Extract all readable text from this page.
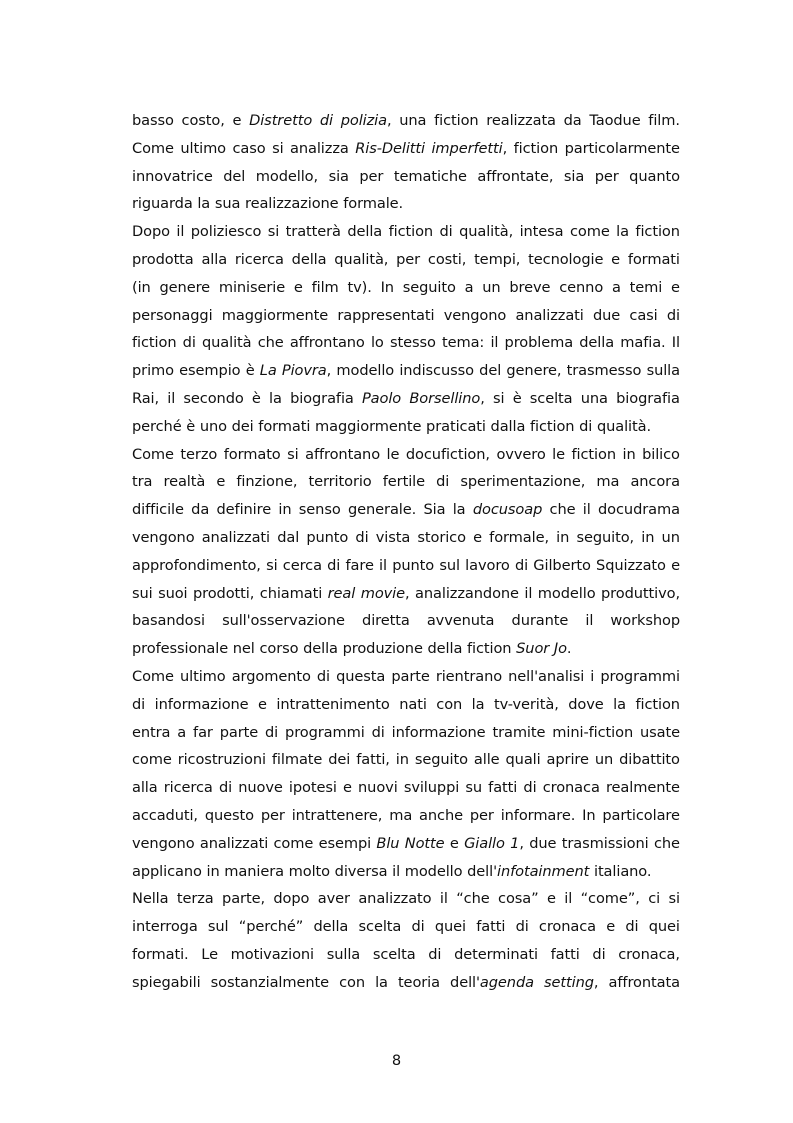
basso costo, e Distretto di polizia, una fiction realizzata da Taodue film.
Come ultimo caso si analizza Ris-Delitti imperfetti, fiction particolarmente
innovatrice del modello, sia per tematiche affrontate, sia per quanto
riguarda la sua realizzazione formale.
Dopo il poliziesco si tratterà della fiction di qualità, intesa come la fiction
prodotta alla ricerca della qualità, per costi, tempi, tecnologie e formati
(in genere miniserie e film tv). In seguito a un breve cenno a temi e
personaggi maggiormente rappresentati vengono analizzati due casi di
fiction di qualità che affrontano lo stesso tema: il problema della mafia. Il
primo esempio è La Piovra, modello indiscusso del genere, trasmesso sulla
Rai, il secondo è la biografia Paolo Borsellino, si è scelta una biografia
perché è uno dei formati maggiormente praticati dalla fiction di qualità.
Come terzo formato si affrontano le docufiction, ovvero le fiction in bilico
tra realtà e finzione, territorio fertile di sperimentazione, ma ancora
difficile da definire in senso generale. Sia la docusoap che il docudrama
vengono analizzati dal punto di vista storico e formale, in seguito, in un
approfondimento, si cerca di fare il punto sul lavoro di Gilberto Squizzato e
sui suoi prodotti, chiamati real movie, analizzandone il modello produttivo,
basandosi sull'osservazione diretta avvenuta durante il workshop
professionale nel corso della produzione della fiction Suor Jo.
Come ultimo argomento di questa parte rientrano nell'analisi i programmi
di informazione e intrattenimento nati con la tv-verità, dove la fiction
entra a far parte di programmi di informazione tramite mini-fiction usate
come ricostruzioni filmate dei fatti, in seguito alle quali aprire un dibattito
alla ricerca di nuove ipotesi e nuovi sviluppi su fatti di cronaca realmente
accaduti, questo per intrattenere, ma anche per informare. In particolare
vengono analizzati come esempi Blu Notte e Giallo 1, due trasmissioni che
applicano in maniera molto diversa il modello dell'infotainment italiano.
Nella terza parte, dopo aver analizzato il “che cosa” e il “come”, ci si
interroga sul “perché” della scelta di quei fatti di cronaca e di quei
formati. Le motivazioni sulla scelta di determinati fatti di cronaca,
spiegabili sostanzialmente con la teoria dell'agenda setting, affrontata
8
